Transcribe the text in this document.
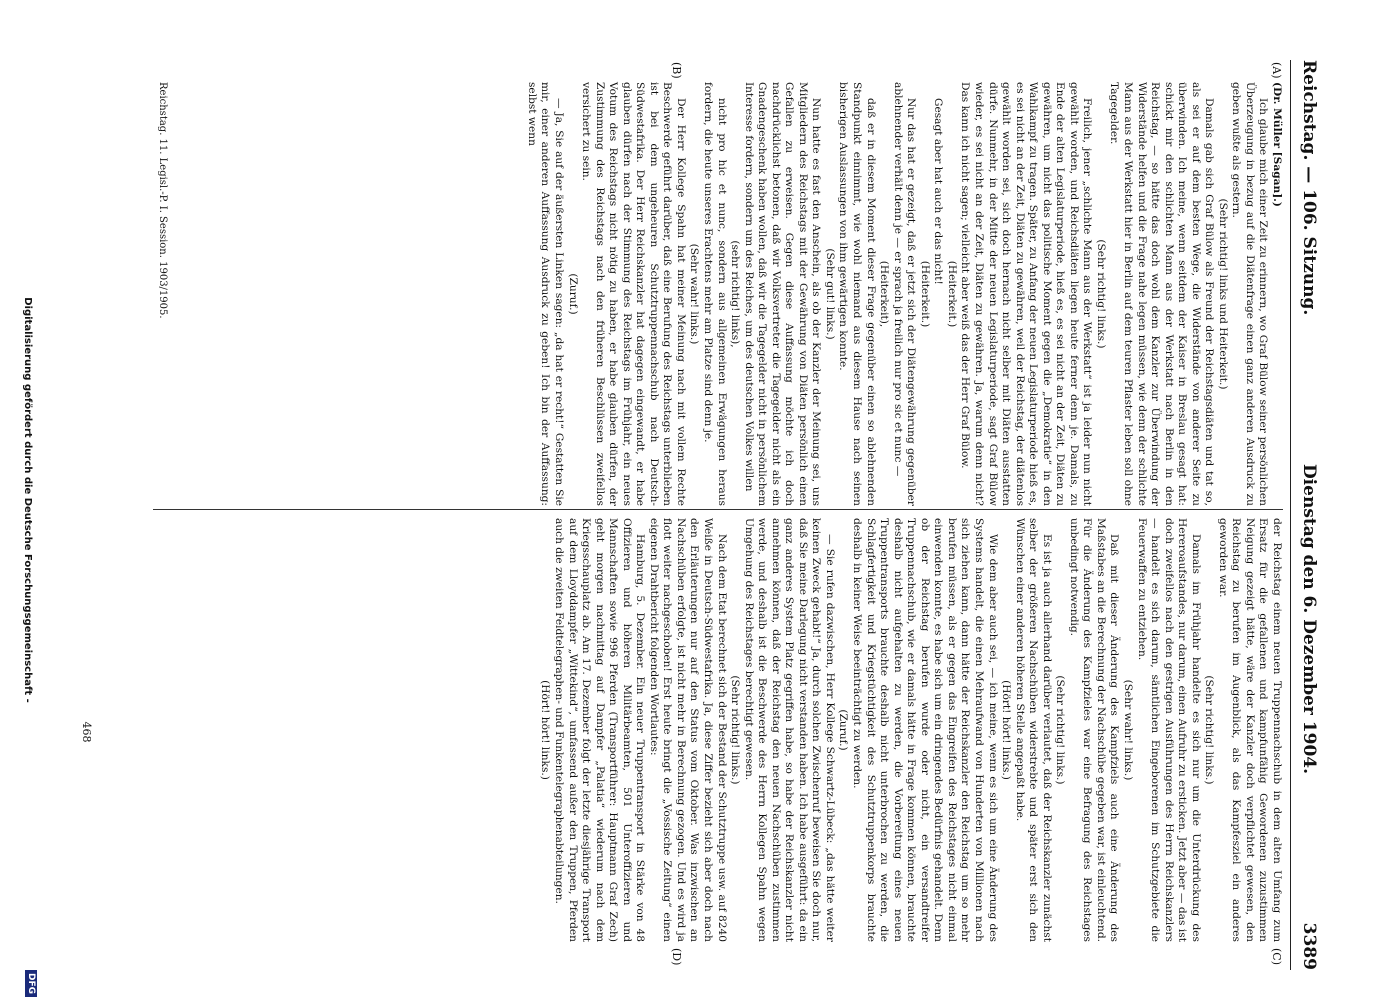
Reichstag. — 106. Sitzung.
Dienstag den 6. Dezember 1904.
3389
(A)
(B)
(C)
(D)

(Dr. Müller [Sagan].)

Ich glaube mich einer Zeit zu erinnern, wo Graf Bülow seiner persönlichen Überzeugung in bezug auf die Diätenfrage einen ganz anderen Ausdruck zu geben wußte als gestern.

(Sehr richtig! links und Heiterkeit.)

Damals gab sich Graf Bülow als Freund der Reichstagsdiäten und tat so, als sei er auf dem besten Wege, die Widerstände von anderer Seite zu überwinden. Ich meine, wenn seitdem der Kaiser in Breslau gesagt hat: schickt mir den schlichten Mann aus der Werkstatt nach Berlin in den Reichstag, — so hätte das doch wohl dem Kanzler zur Überwindung der Widerstände helfen und die Frage nahe legen müssen, wie denn der schlichte Mann aus der Werkstatt hier in Berlin auf dem teuren Pflaster leben soll ohne Tagegelder.

(Sehr richtig! links.)

Freilich, jener „schlichte Mann aus der Werkstatt“ ist ja leider nun nicht gewählt worden, und Reichsdiäten liegen heute ferner denn je. Damals, zu Ende der alten Legislaturperiode, hieß es, es sei nicht an der Zeit, Diäten zu gewähren, um nicht das politische Moment gegen die „Demokratie“ in den Wahlkampf zu tragen. Später, zu Anfang der neuen Legislaturperiode hieß es, es sei nicht an der Zeit, Diäten zu gewähren, weil der Reichstag, der diätenlos gewählt worden sei, sich doch hernach nicht selber mit Diäten ausstatten dürfe. Nunmehr, in der Mitte der neuen Legislaturperiode, sagt Graf Bülow wieder, es sei nicht an der Zeit, Diäten zu gewähren. Ja, warum denn nicht? Das kann ich nicht sagen; vielleicht aber weiß das der Herr Graf Bülow.

(Heiterkeit.)

Gesagt aber hat auch er das nicht!

(Heiterkeit.)

Nur das hat er gezeigt, daß er jetzt sich der Diätengewährung gegenüber ablehnender verhält denn je — er sprach ja freilich nur pro sic et nunc —

(Heiterkeit),

daß er in diesem Moment dieser Frage gegenüber einen so ablehnenden Standpunkt einnimmt, wie wohl niemand aus diesem Hause nach seinen bisherigen Auslassungen von ihm gewärtigen konnte.

(Sehr gut! links.)

Nun hatte es fast den Anschein, als ob der Kanzler der Meinung sei, uns Mitgliedern des Reichstags mit der Gewährung von Diäten persönlich einen Gefallen zu erweisen. Gegen diese Auffassung möchte ich doch nachdrücklichst betonen, daß wir Volksvertreter die Tagegelder nicht als ein Gnadengeschenk haben wollen, daß wir die Tagegelder nicht in persönlichem Interesse fordern, sondern um des Reiches, um des deutschen Volkes willen

(sehr richtig! links),

nicht pro hic et nunc, sondern aus allgemeinen Erwägungen heraus fordern, die heute unseres Erachtens mehr am Platze sind denn je.

(Sehr wahr! links.)

Der Herr Kollege Spahn hat meiner Meinung nach mit vollem Rechte Beschwerde geführt darüber, daß eine Berufung des Reichstags unterblieben ist bei dem ungeheuren Schutztruppennachschub nach Deutsch-Südwestafrika. Der Herr Reichskanzler hat dagegen eingewandt, er habe glauben dürfen nach der Stimmung des Reichstags im Frühjahr, ein neues Votum des Reichstags nicht nötig zu haben, er habe glauben dürfen, der Zustimmung des Reichstags nach den früheren Beschlüssen zweifellos versichert zu sein.

(Zuruf.)

— Ja, Sie auf der äußersten Linken sagen: „da hat er recht!“ Gestatten Sie mir, einer anderen Auffassung Ausdruck zu geben! Ich bin der Auffassung: selbst wenn

der Reichstag einem neuen Truppennachschub in dem alten Umfang zum Ersatz für die gefallenen und kampfunfähig Gewordenen zuzustimmen Neigung gezeigt hätte, wäre der Kanzler doch verpflichtet gewesen, den Reichstag zu berufen im Augenblick, als das Kampfesziel ein anderes geworden war.

(Sehr richtig! links.)

Damals im Frühjahr handelte es sich nur um die Unterdrückung des Hereroaufstandes, nur darum, einen Aufruhr zu ersticken. Jetzt aber — das ist doch zweifellos nach den gestrigen Ausführungen des Herrn Reichskanzlers — handelt es sich darum, sämtlichen Eingeborenen im Schutzgebiete die Feuerwaffen zu entziehen.

(Sehr wahr! links.)

Daß mit dieser Änderung des Kampfziels auch eine Änderung des Maßstabes an die Berechnung der Nachschübe gegeben war, ist einleuchtend. Für die Änderung des Kampfzieles war eine Befragung des Reichstages unbedingt notwendig.

(Sehr richtig! links.)

Es ist ja auch allerhand darüber verlautet, daß der Reichskanzler zunächst selber der größeren Nachschüben widerstrebte und später erst sich den Wünschen einer anderen höheren Stelle angepaßt habe.

(Hört! hört! links.)

Wie dem aber auch sei, — ich meine, wenn es sich um eine Änderung des Systems handelt, die einen Mehraufwand von Hunderten von Millionen nach sich ziehen kann, dann hätte der Reichskanzler den Reichstag um so mehr berufen müssen, als er gegen das Eingreifen des Reichstages nicht einmal einwenden konnte, es habe sich um ein dringendes Bedürfnis gehandelt. Denn ob der Reichstag berufen wurde oder nicht, ein versandtreifer Truppennachschub, wie er damals hätte in Frage kommen können, brauchte deshalb nicht aufgehalten zu werden, die Vorbereitung eines neuen Truppentransports brauchte deshalb nicht unterbrochen zu werden, die Schlagfertigkeit und Kriegstüchtigkeit des Schutztruppenkorps brauchte deshalb in keiner Weise beeinträchtigt zu werden.

(Zuruf.)

— Sie rufen dazwischen, Herr Kollege Schwartz-Lübeck: „das hätte weiter keinen Zweck gehabt!“ Ja, durch solchen Zwischenruf beweisen Sie doch nur, daß Sie meine Darlegung nicht verstanden haben. Ich habe ausgeführt: da ein ganz anderes System Platz gegriffen habe, so habe der Reichskanzler nicht annehmen können, daß der Reichstag den neuen Nachschüben zustimmen werde, und deshalb ist die Beschwerde des Herrn Kollegen Spahn wegen Umgehung des Reichstages berechtigt gewesen.

(Sehr richtig! links.)

Nach dem Etat berechnet sich der Bestand der Schutztruppe usw. auf 8240 Weiße in Deutsch-Südwestafrika. Ja, diese Ziffer bezieht sich aber doch nach den Erläuterungen nur auf den Status vom Oktober. Was inzwischen an Nachschüben erfolgte, ist nicht mehr in Berechnung gezogen. Und es wird ja flott weiter nachgeschoben! Erst heute bringt die „Vossische Zeitung“ einen eigenen Drahtbericht folgenden Wortlautes:

Hamburg, 5. Dezember. Ein neuer Truppentransport in Stärke von 48 Offizieren und höheren Militärbeamten, 501 Unteroffizieren und Mannschaften sowie 996 Pferden (Transportführer: Hauptmann Graf Zech) geht morgen nachmittag auf Dampfer „Palatia“ wiederum nach dem Kriegsschauplatz ab. Am 17. Dezember folgt der letzte diesjährige Transport auf dem Lloyddampfer „Wittekind“, umfassend außer den Truppen, Pferden auch die zweiten Feldtelegraphen- und Funkentelegraphenabteilungen.

(Hört! hört! links.)

Reichstag. 11. Legisl.-P. I. Session. 1903/1905.
468
Digitalisierung gefördert durch die Deutsche Forschungsgemeinschaft -
DFG
